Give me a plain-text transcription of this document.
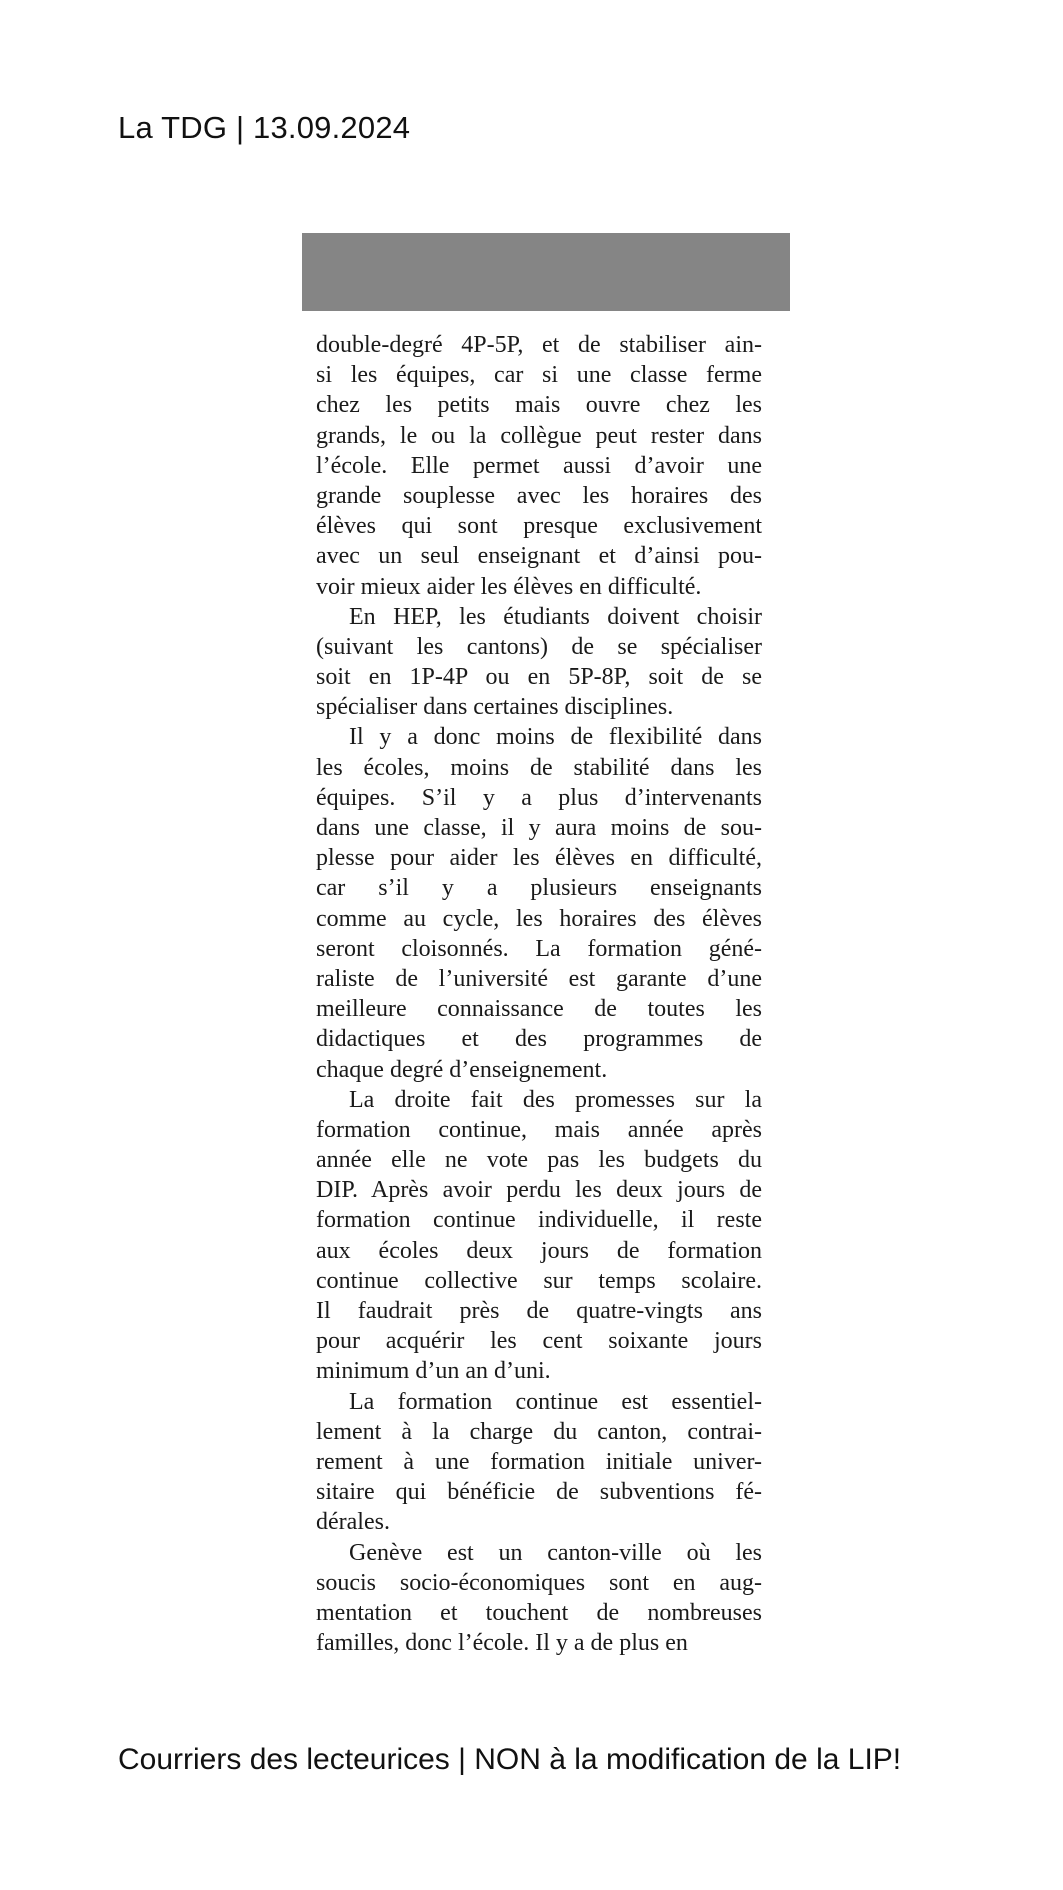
La TDG | 13.09.2024
double-degré 4P-5P, et de stabiliser ain-
si les équipes, car si une classe ferme
chez les petits mais ouvre chez les
grands, le ou la collègue peut rester dans
l’école. Elle permet aussi d’avoir une
grande souplesse avec les horaires des
élèves qui sont presque exclusivement
avec un seul enseignant et d’ainsi pou-
voir mieux aider les élèves en difficulté.
En HEP, les étudiants doivent choisir
(suivant les cantons) de se spécialiser
soit en 1P-4P ou en 5P-8P, soit de se
spécialiser dans certaines disciplines.
Il y a donc moins de flexibilité dans
les écoles, moins de stabilité dans les
équipes. S’il y a plus d’intervenants
dans une classe, il y aura moins de sou-
plesse pour aider les élèves en difficulté,
car s’il y a plusieurs enseignants
comme au cycle, les horaires des élèves
seront cloisonnés. La formation géné-
raliste de l’université est garante d’une
meilleure connaissance de toutes les
didactiques et des programmes de
chaque degré d’enseignement.
La droite fait des promesses sur la
formation continue, mais année après
année elle ne vote pas les budgets du
DIP. Après avoir perdu les deux jours de
formation continue individuelle, il reste
aux écoles deux jours de formation
continue collective sur temps scolaire.
Il faudrait près de quatre-vingts ans
pour acquérir les cent soixante jours
minimum d’un an d’uni.
La formation continue est essentiel-
lement à la charge du canton, contrai-
rement à une formation initiale univer-
sitaire qui bénéficie de subventions fé-
dérales.
Genève est un canton-ville où les
soucis socio-économiques sont en aug-
mentation et touchent de nombreuses
familles, donc l’école. Il y a de plus en
Courriers des lecteurices | NON à la modification de la LIP!
